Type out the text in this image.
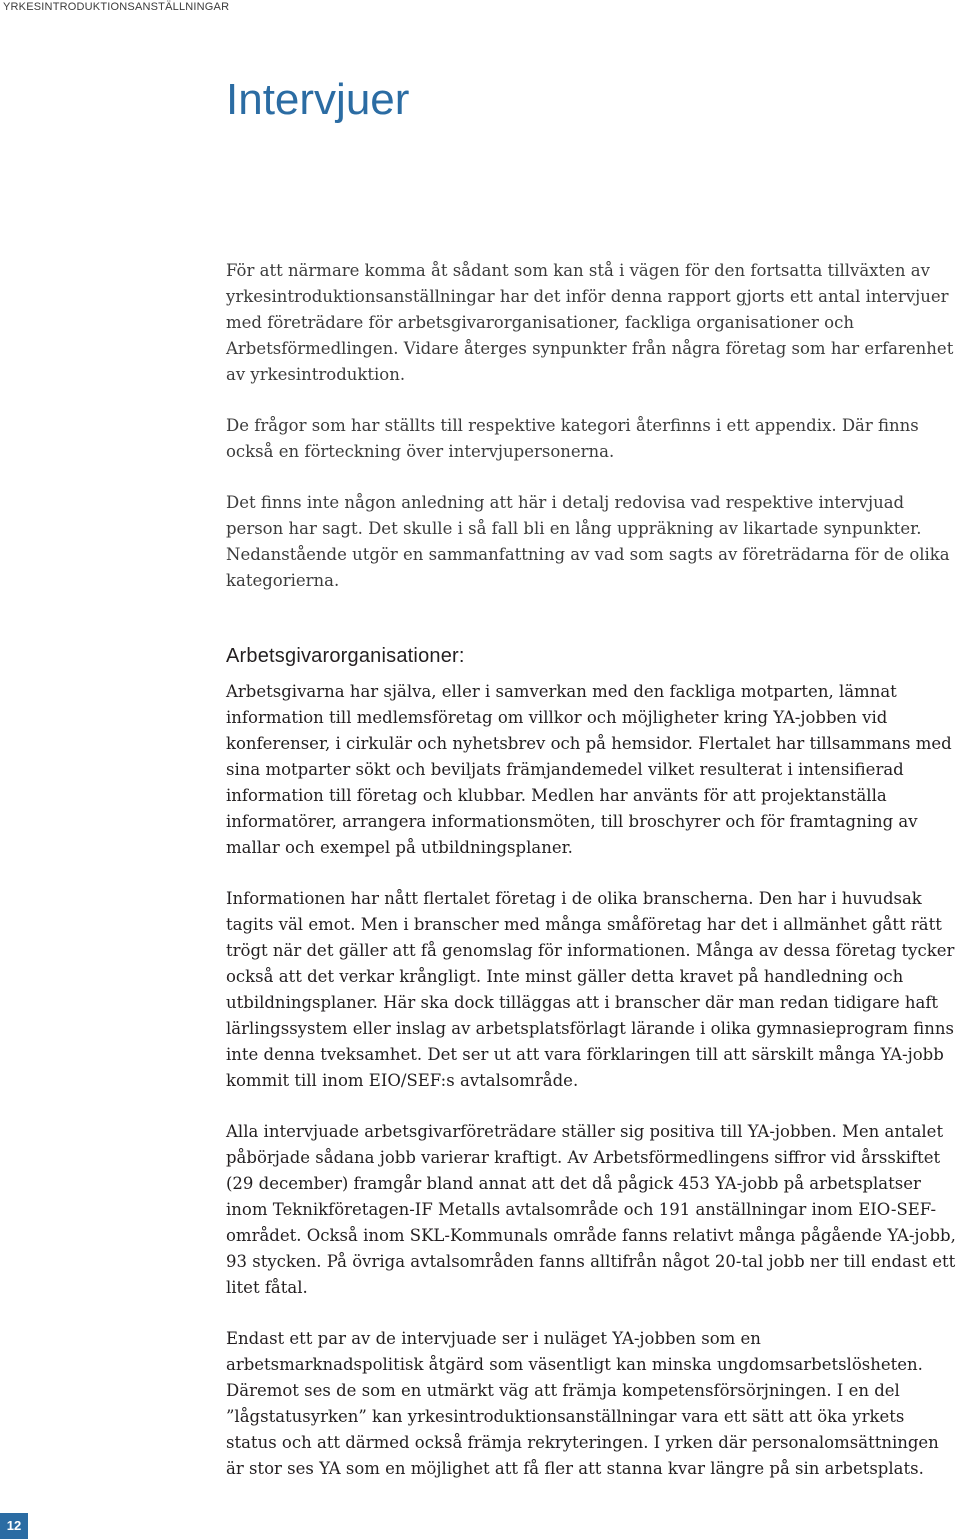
YRKESINTRODUKTIONSANSTÄLLNINGAR
Intervjuer

För att närmare komma åt sådant som kan stå i vägen för den fortsatta tillväxten av yrkesintroduktionsanställningar har det inför denna rapport gjorts ett antal intervjuer med företrädare för arbetsgivarorganisationer, fackliga organisationer och Arbetsförmedlingen. Vidare återges synpunkter från några företag som har erfarenhet av yrkesintroduktion.

De frågor som har ställts till respektive kategori återfinns i ett appendix. Där finns också en förteckning över intervjupersonerna.

Det finns inte någon anledning att här i detalj redovisa vad respektive intervjuad person har sagt. Det skulle i så fall bli en lång uppräkning av likartade synpunkter. Nedanstående utgör en sammanfattning av vad som sagts av företrädarna för de olika kategorierna.

Arbetsgivarorganisationer:

Arbetsgivarna har själva, eller i samverkan med den fackliga motparten, lämnat information till medlemsföretag om villkor och möjligheter kring YA-jobben vid konferenser, i cirkulär och nyhetsbrev och på hemsidor. Flertalet har tillsammans med sina motparter sökt och beviljats främjandemedel vilket resulterat i intensifierad information till företag och klubbar. Medlen har använts för att projektanställa informatörer, arrangera informationsmöten, till broschyrer och för framtagning av mallar och exempel på utbildningsplaner.

Informationen har nått flertalet företag i de olika branscherna. Den har i huvudsak tagits väl emot. Men i branscher med många småföretag har det i allmänhet gått rätt trögt när det gäller att få genomslag för informationen. Många av dessa företag tycker också att det verkar krångligt. Inte minst gäller detta kravet på handledning och utbildningsplaner. Här ska dock tilläggas att i branscher där man redan tidigare haft lärlingssystem eller inslag av arbetsplatsförlagt lärande i olika gymnasieprogram finns inte denna tveksamhet. Det ser ut att vara förklaringen till att särskilt många YA-jobb kommit till inom EIO/SEF:s avtalsområde.

Alla intervjuade arbetsgivarföreträdare ställer sig positiva till YA-jobben. Men antalet påbörjade sådana jobb varierar kraftigt. Av Arbetsförmedlingens siffror vid årsskiftet (29 december) framgår bland annat att det då pågick 453 YA-jobb på arbetsplatser inom Teknikföretagen-IF Metalls avtalsområde och 191 anställningar inom EIO-SEF-området. Också inom SKL-Kommunals område fanns relativt många pågående YA-jobb, 93 stycken. På övriga avtalsområden fanns alltifrån något 20-tal jobb ner till endast ett litet fåtal.

Endast ett par av de intervjuade ser i nuläget YA-jobben som en arbetsmarknadspolitisk åtgärd som väsentligt kan minska ungdomsarbetslösheten. Däremot ses de som en utmärkt väg att främja kompetensförsörjningen. I en del ”lågstatusyrken” kan yrkesintroduktionsanställningar vara ett sätt att öka yrkets status och att därmed också främja rekryteringen. I yrken där personalomsättningen är stor ses YA som en möjlighet att få fler att stanna kvar längre på sin arbetsplats.

12
